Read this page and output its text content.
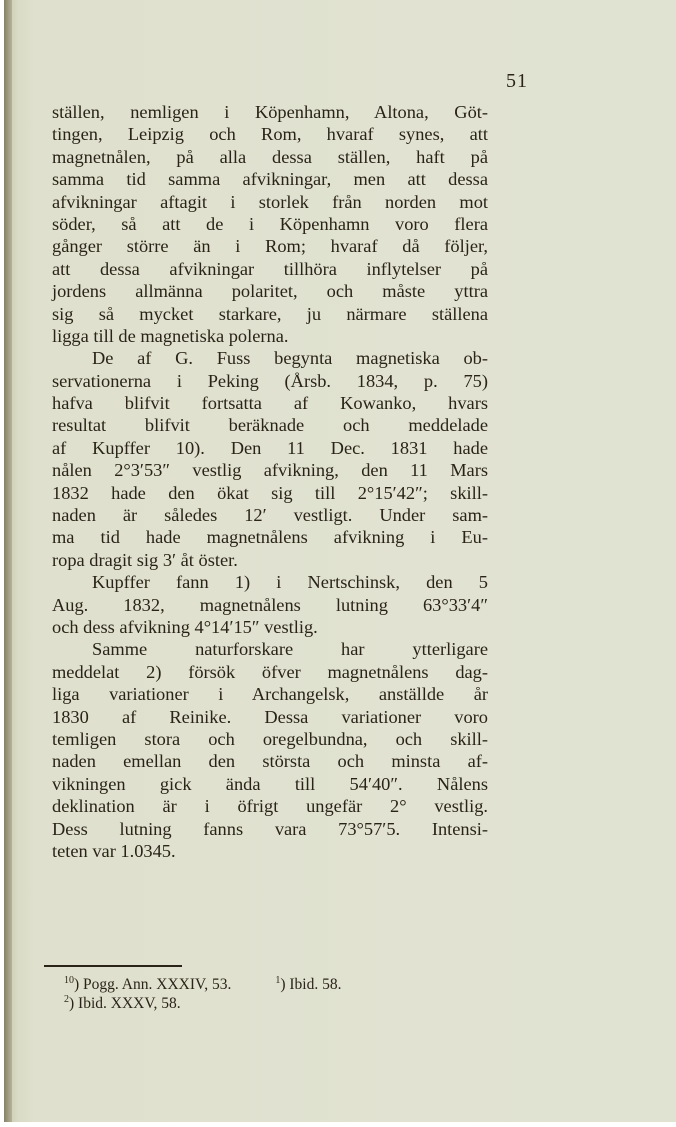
51
ställen, nemligen i Köpenhamn, Altona, Göt-
tingen, Leipzig och Rom, hvaraf synes, att
magnetnålen, på alla dessa ställen, haft på
samma tid samma afvikningar, men att dessa
afvikningar aftagit i storlek från norden mot
söder, så att de i Köpenhamn voro flera
gånger större än i Rom; hvaraf då följer,
att dessa afvikningar tillhöra inflytelser på
jordens allmänna polaritet, och måste yttra
sig så mycket starkare, ju närmare ställena
ligga till de magnetiska polerna.
De af G. Fuss begynta magnetiska ob-
servationerna i Peking (Årsb. 1834, p. 75)
hafva blifvit fortsatta af Kowanko, hvars
resultat blifvit beräknade och meddelade
af Kupffer 10). Den 11 Dec. 1831 hade
nålen 2°3′53″ vestlig afvikning, den 11 Mars
1832 hade den ökat sig till 2°15′42″; skill-
naden är således 12′ vestligt. Under sam-
ma tid hade magnetnålens afvikning i Eu-
ropa dragit sig 3′ åt öster.
Kupffer fann 1) i Nertschinsk, den 5
Aug. 1832, magnetnålens lutning 63°33′4″
och dess afvikning 4°14′15″ vestlig.
Samme naturforskare har ytterligare
meddelat 2) försök öfver magnetnålens dag-
liga variationer i Archangelsk, anställde år
1830 af Reinike. Dessa variationer voro
temligen stora och oregelbundna, och skill-
naden emellan den största och minsta af-
vikningen gick ända till 54′40″. Nålens
deklination är i öfrigt ungefär 2° vestlig.
Dess lutning fanns vara 73°57′5. Intensi-
teten var 1.0345.
$^{10}$) Pogg. Ann. XXXIV, 53.	$^1$) Ibid. 58.
$^2$) Ibid. XXXV, 58.
